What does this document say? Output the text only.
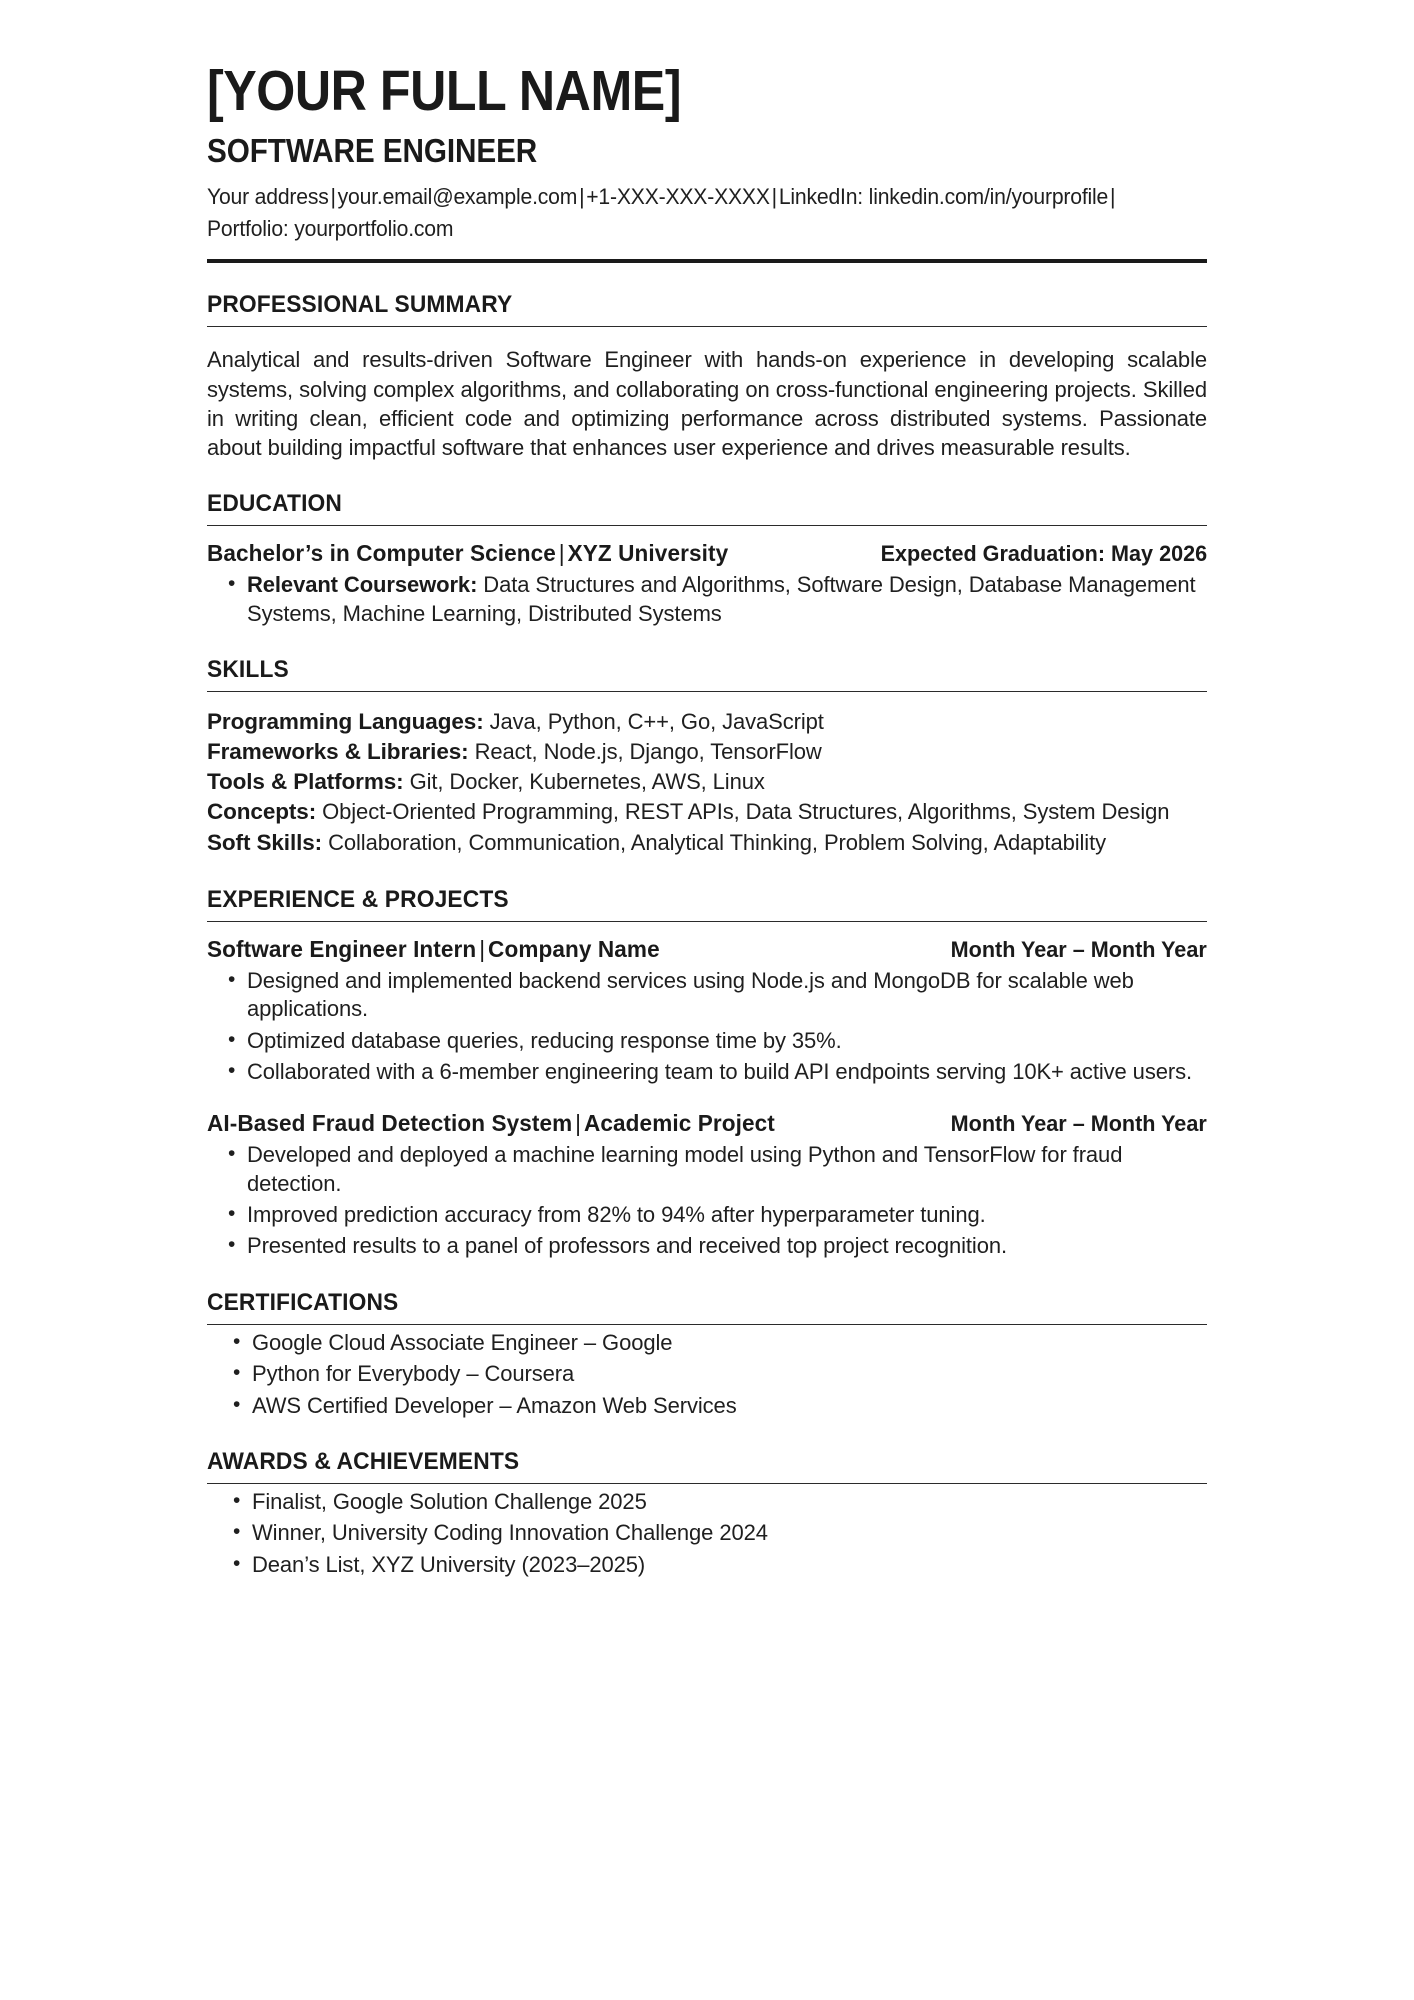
[YOUR FULL NAME]
SOFTWARE ENGINEER
Your address|your.email@example.com|+1-XXX-XXX-XXXX|LinkedIn: linkedin.com/in/yourprofile|Portfolio: yourportfolio.com
PROFESSIONAL SUMMARY

Analytical and results-driven Software Engineer with hands-on experience in developing scalable systems, solving complex algorithms, and collaborating on cross-functional engineering projects. Skilled in writing clean, efficient code and optimizing performance across distributed systems. Passionate about building impactful software that enhances user experience and drives measurable results.

EDUCATION
Bachelor’s in Computer Science | XYZ University	Expected Graduation: May 2026
• Relevant Coursework: Data Structures and Algorithms, Software Design, Database Management Systems, Machine Learning, Distributed Systems
SKILLS
Programming Languages: Java, Python, C++, Go, JavaScript
Frameworks & Libraries: React, Node.js, Django, TensorFlow
Tools & Platforms: Git, Docker, Kubernetes, AWS, Linux
Concepts: Object-Oriented Programming, REST APIs, Data Structures, Algorithms, System Design
Soft Skills: Collaboration, Communication, Analytical Thinking, Problem Solving, Adaptability
EXPERIENCE & PROJECTS
Software Engineer Intern | Company Name	Month Year – Month Year
• Designed and implemented backend services using Node.js and MongoDB for scalable web applications.
• Optimized database queries, reducing response time by 35%.
• Collaborated with a 6-member engineering team to build API endpoints serving 10K+ active users.
AI-Based Fraud Detection System | Academic Project	Month Year – Month Year
• Developed and deployed a machine learning model using Python and TensorFlow for fraud detection.
• Improved prediction accuracy from 82% to 94% after hyperparameter tuning.
• Presented results to a panel of professors and received top project recognition.
CERTIFICATIONS
• Google Cloud Associate Engineer – Google
• Python for Everybody – Coursera
• AWS Certified Developer – Amazon Web Services
AWARDS & ACHIEVEMENTS
• Finalist, Google Solution Challenge 2025
• Winner, University Coding Innovation Challenge 2024
• Dean’s List, XYZ University (2023–2025)
